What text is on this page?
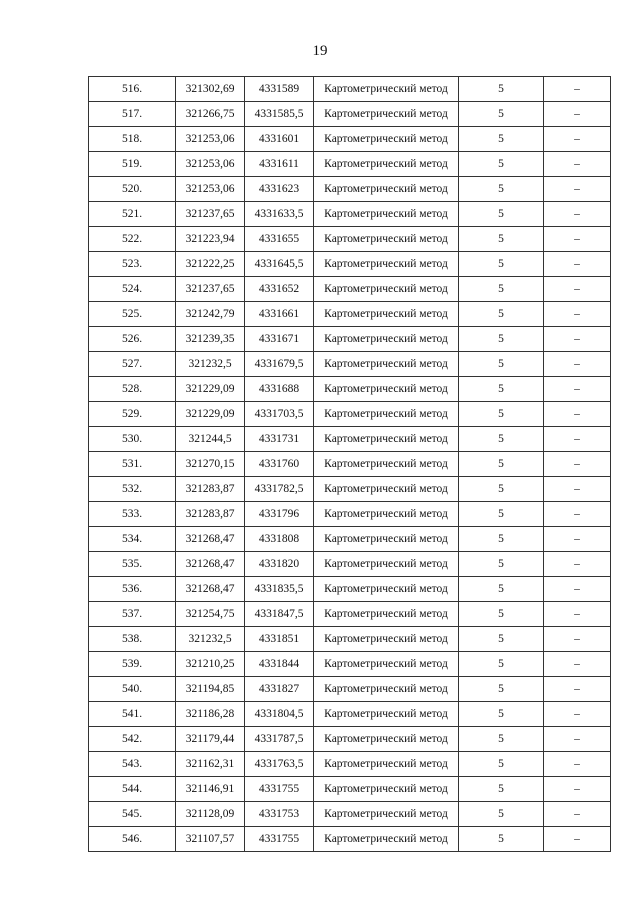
19
516.	321302,69	4331589	Картометрический метод	5	–
517.	321266,75	4331585,5	Картометрический метод	5	–
518.	321253,06	4331601	Картометрический метод	5	–
519.	321253,06	4331611	Картометрический метод	5	–
520.	321253,06	4331623	Картометрический метод	5	–
521.	321237,65	4331633,5	Картометрический метод	5	–
522.	321223,94	4331655	Картометрический метод	5	–
523.	321222,25	4331645,5	Картометрический метод	5	–
524.	321237,65	4331652	Картометрический метод	5	–
525.	321242,79	4331661	Картометрический метод	5	–
526.	321239,35	4331671	Картометрический метод	5	–
527.	321232,5	4331679,5	Картометрический метод	5	–
528.	321229,09	4331688	Картометрический метод	5	–
529.	321229,09	4331703,5	Картометрический метод	5	–
530.	321244,5	4331731	Картометрический метод	5	–
531.	321270,15	4331760	Картометрический метод	5	–
532.	321283,87	4331782,5	Картометрический метод	5	–
533.	321283,87	4331796	Картометрический метод	5	–
534.	321268,47	4331808	Картометрический метод	5	–
535.	321268,47	4331820	Картометрический метод	5	–
536.	321268,47	4331835,5	Картометрический метод	5	–
537.	321254,75	4331847,5	Картометрический метод	5	–
538.	321232,5	4331851	Картометрический метод	5	–
539.	321210,25	4331844	Картометрический метод	5	–
540.	321194,85	4331827	Картометрический метод	5	–
541.	321186,28	4331804,5	Картометрический метод	5	–
542.	321179,44	4331787,5	Картометрический метод	5	–
543.	321162,31	4331763,5	Картометрический метод	5	–
544.	321146,91	4331755	Картометрический метод	5	–
545.	321128,09	4331753	Картометрический метод	5	–
546.	321107,57	4331755	Картометрический метод	5	–
